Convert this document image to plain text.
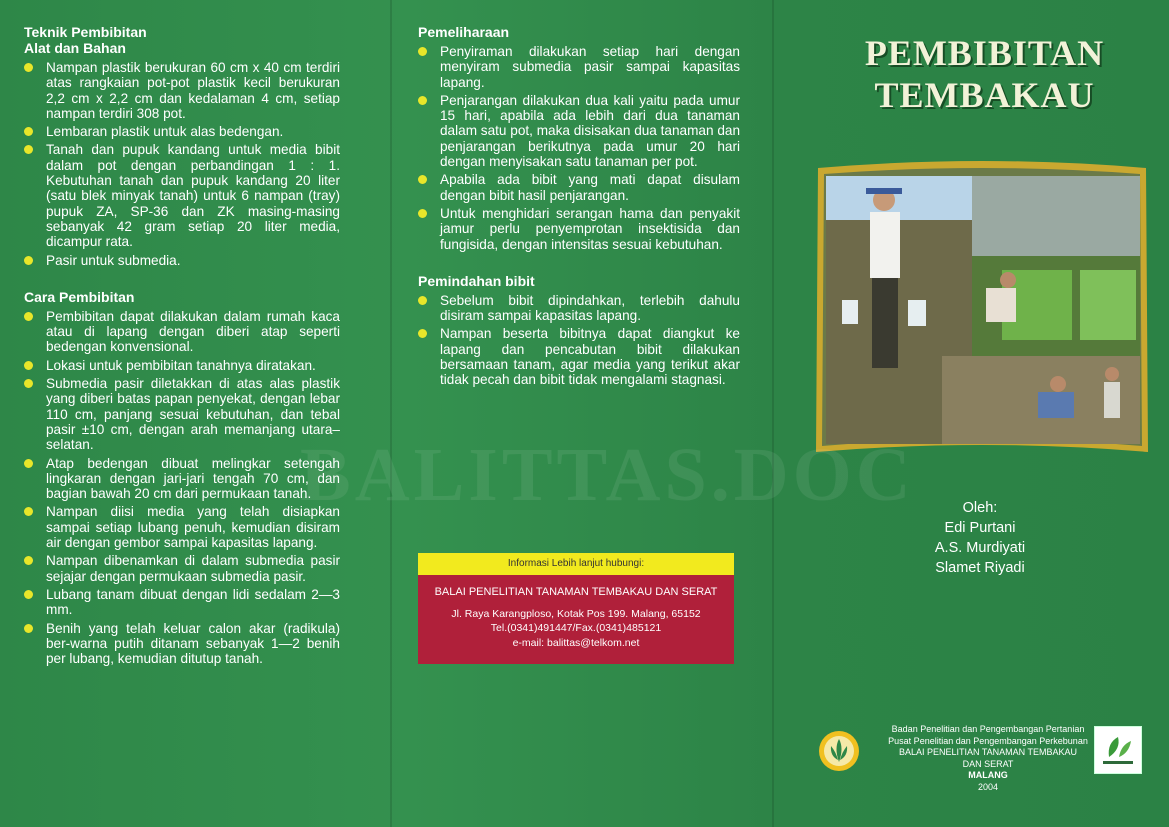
Teknik Pembibitan
Alat dan Bahan
Nampan plastik berukuran 60 cm x 40 cm terdiri atas rangkaian pot-pot plastik kecil berukuran 2,2 cm x 2,2 cm dan kedalaman 4 cm, setiap nampan terdiri 308 pot.
Lembaran plastik untuk alas bedengan.
Tanah dan pupuk kandang untuk media bibit dalam pot dengan perbandingan 1 : 1. Kebutuhan tanah dan pupuk kandang 20 liter (satu blek minyak tanah) untuk 6 nampan (tray) pupuk ZA, SP-36 dan ZK masing-masing sebanyak 42 gram setiap 20 liter media, dicampur rata.
Pasir untuk submedia.
Cara Pembibitan
Pembibitan dapat dilakukan dalam rumah kaca atau di lapang dengan diberi atap seperti bedengan konvensional.
Lokasi untuk pembibitan tanahnya diratakan.
Submedia pasir diletakkan di atas alas plastik yang diberi batas papan penyekat, dengan lebar 110 cm, panjang sesuai kebutuhan, dan tebal pasir ±10 cm, dengan arah memanjang utara–selatan.
Atap bedengan dibuat melingkar setengah lingkaran dengan jari-jari tengah 70 cm, dan bagian bawah 20 cm dari permukaan tanah.
Nampan diisi media yang telah disiapkan sampai setiap lubang penuh, kemudian disiram air dengan gembor sampai kapasitas lapang.
Nampan dibenamkan di dalam submedia pasir sejajar dengan permukaan submedia pasir.
Lubang tanam dibuat dengan lidi sedalam 2—3 mm.
Benih yang telah keluar calon akar (radikula) ber-warna putih ditanam sebanyak 1—2 benih per lubang, kemudian ditutup tanah.
Pemeliharaan
Penyiraman dilakukan setiap hari dengan menyiram submedia pasir sampai kapasitas lapang.
Penjarangan dilakukan dua kali yaitu pada umur 15 hari, apabila ada lebih dari dua tanaman dalam satu pot, maka disisakan dua tanaman dan penjarangan berikutnya pada umur 20 hari dengan menyisakan satu tanaman per pot.
Apabila ada bibit yang mati dapat disulam dengan bibit hasil penjarangan.
Untuk menghidari serangan hama dan penyakit jamur perlu penyemprotan insektisida dan fungisida, dengan intensitas sesuai kebutuhan.
Pemindahan bibit
Sebelum bibit dipindahkan, terlebih dahulu disiram sampai kapasitas lapang.
Nampan beserta bibitnya dapat diangkut ke lapang dan pencabutan bibit dilakukan bersamaan tanam, agar media yang terikut akar tidak pecah dan bibit tidak mengalami stagnasi.
Informasi Lebih lanjut hubungi:
BALAI PENELITIAN TANAMAN TEMBAKAU DAN SERAT
Jl. Raya Karangploso, Kotak Pos 199. Malang, 65152
Tel.(0341)491447/Fax.(0341)485121
e-mail: balittas@telkom.net
PEMBIBITAN
TEMBAKAU
Oleh:
Edi Purtani
A.S. Murdiyati
Slamet Riyadi
Badan Penelitian dan Pengembangan Pertanian
Pusat Penelitian dan Pengembangan Perkebunan
BALAI PENELITIAN TANAMAN TEMBAKAU
DAN SERAT
MALANG
2004
BALITTAS.DOC
